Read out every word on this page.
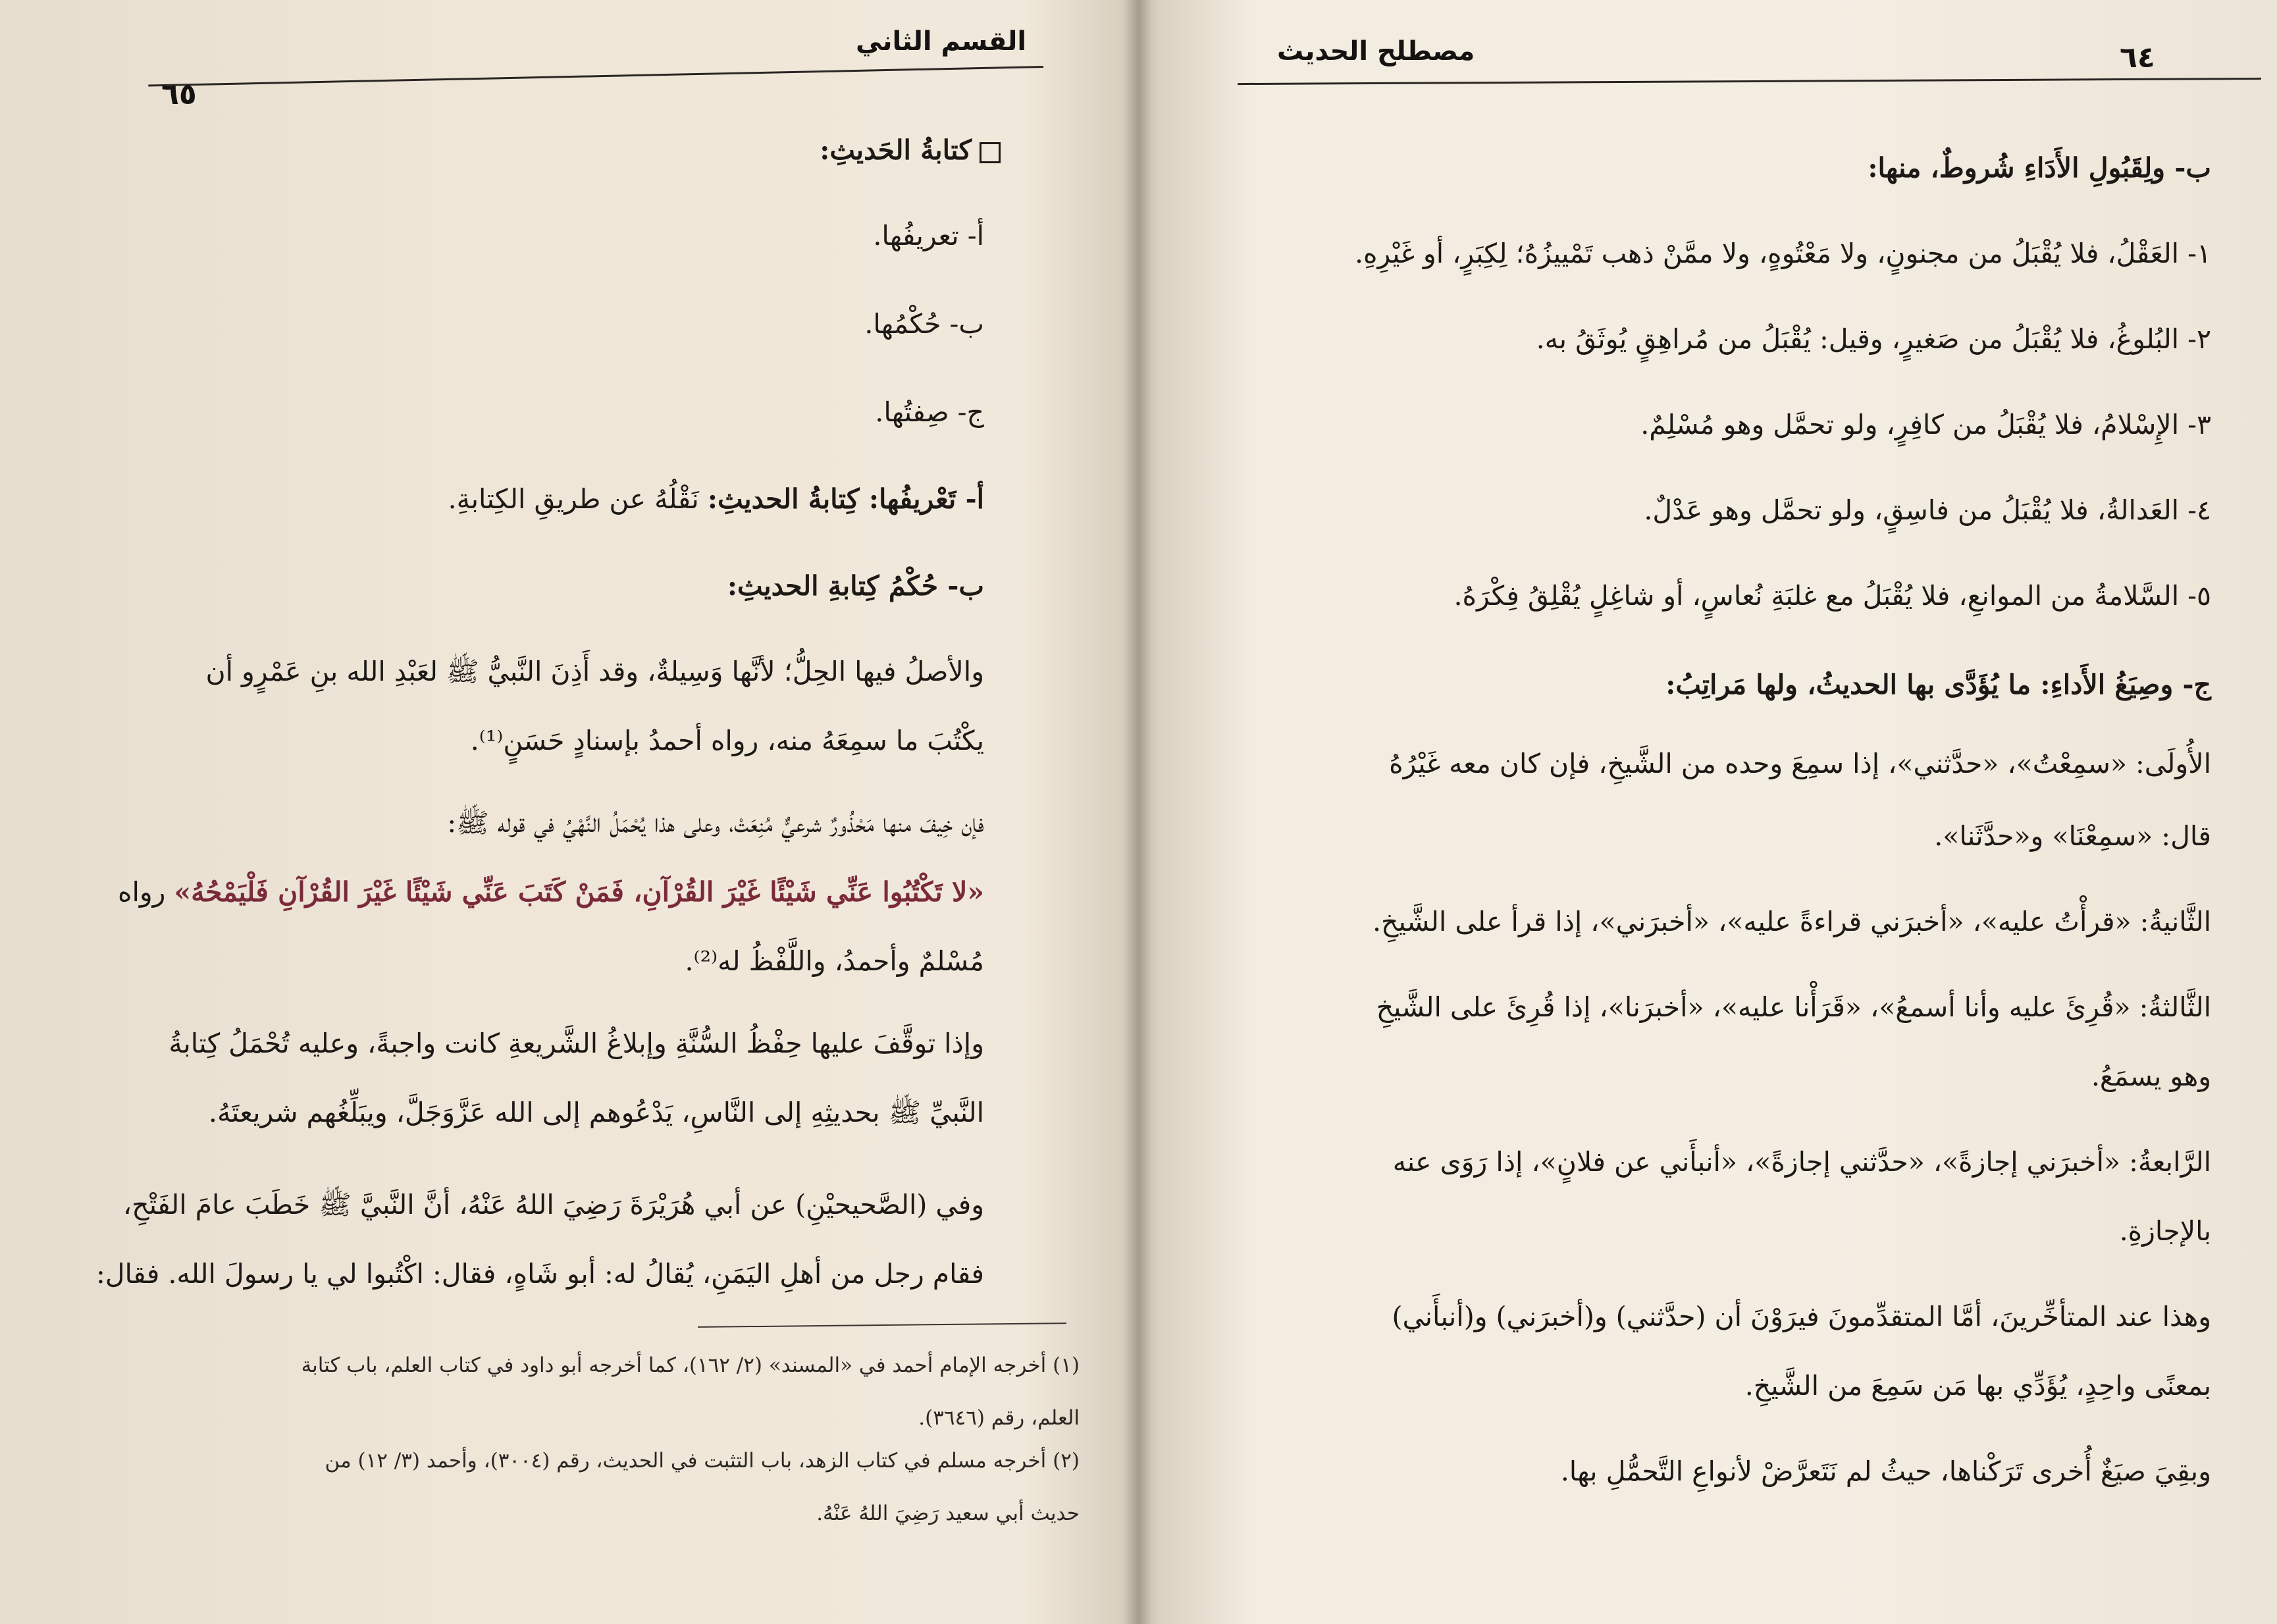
القسم الثاني
٦٥
كتابةُ الحَديثِ:
أ- تعريفُها.
ب- حُكْمُها.
ج- صِفتُها.
أ- تَعْريفُها: كِتابةُ الحديثِ: نَقْلُهُ عن طريقِ الكِتابةِ.
ب- حُكْمُ كِتابةِ الحديثِ:
والأصلُ فيها الحِلُّ؛ لأنَّها وَسِيلةٌ، وقد أَذِنَ النَّبيُّ ﷺ لعَبْدِ الله بنِ عَمْرٍو أن
يكْتُبَ ما سمِعَهُ منه، رواه أحمدُ بإسنادٍ حَسَنٍ⁽¹⁾.
فإن خِيفَ منها مَحْذُورٌ شرعيٌّ مُنِعَتْ، وعلى هذا يُحْمَلُ النَّهْيُ في قوله ﷺ:
«لا تَكْتُبُوا عَنِّي شَيْئًا غَيْرَ القُرْآنِ، فَمَنْ كَتَبَ عَنِّي شَيْئًا غَيْرَ القُرْآنِ فَلْيَمْحُهُ» رواه
مُسْلمٌ وأحمدُ، واللَّفْظُ له⁽²⁾.
وإذا توقَّفَ عليها حِفْظُ السُّنَّةِ وإبلاغُ الشَّريعةِ كانت واجبةً، وعليه تُحْمَلُ كِتابةُ
النَّبيِّ ﷺ بحديثِهِ إلى النَّاسِ، يَدْعُوهم إلى الله عَزَّوَجَلَّ، ويبَلِّغُهم شريعتَهُ.
وفي (الصَّحيحيْنِ) عن أبي هُرَيْرَةَ رَضِيَ اللهُ عَنْهُ، أنَّ النَّبيَّ ﷺ خَطَبَ عامَ الفَتْحِ،
فقام رجل من أهلِ اليَمَنِ، يُقالُ له: أبو شَاهٍ، فقال: اكْتُبوا لي يا رسولَ الله. فقال:
(١) أخرجه الإمام أحمد في «المسند» (٢/ ١٦٢)، كما أخرجه أبو داود في كتاب العلم، باب كتابة
العلم، رقم (٣٦٤٦).
(٢) أخرجه مسلم في كتاب الزهد، باب التثبت في الحديث، رقم (٣٠٠٤)، وأحمد (٣/ ١٢) من
حديث أبي سعيد رَضِيَ اللهُ عَنْهُ.
مصطلح الحديث	٦٤
ب- ولِقَبُولِ الأَدَاءِ شُروطٌ، منها:
١- العَقْلُ، فلا يُقْبَلُ من مجنونٍ، ولا مَعْتُوهٍ، ولا ممَّنْ ذهب تَمْييزُهُ؛ لِكِبَرٍ، أو غَيْرِهِ.
٢- البُلوغُ، فلا يُقْبَلُ من صَغيرٍ، وقيل: يُقْبَلُ من مُراهِقٍ يُوثَقُ به.
٣- الإِسْلامُ، فلا يُقْبَلُ من كافِرٍ، ولو تحمَّل وهو مُسْلِمٌ.
٤- العَدالةُ، فلا يُقْبَلُ من فاسِقٍ، ولو تحمَّل وهو عَدْلٌ.
٥- السَّلامةُ من الموانعِ، فلا يُقْبَلُ مع غلبَةِ نُعاسٍ، أو شاغِلٍ يُقْلِقُ فِكْرَهُ.
ج- وصِيَغُ الأَداءِ: ما يُؤَدَّى بها الحديثُ، ولها مَراتِبُ:
الأُولَى: «سمِعْتُ»، «حدَّثني»، إذا سمِعَ وحده من الشَّيخِ، فإن كان معه غَيْرُهُ
قال: «سمِعْنَا» و«حدَّثَنا».
الثَّانيةُ: «قرأْتُ عليه»، «أخبرَني قراءةً عليه»، «أخبرَني»، إذا قرأ على الشَّيخِ.
الثَّالثةُ: «قُرِئَ عليه وأنا أسمعُ»، «قَرَأْنا عليه»، «أخبرَنا»، إذا قُرِئَ على الشَّيخِ
وهو يسمَعُ.
الرَّابعةُ: «أخبرَني إجازةً»، «حدَّثني إجازةً»، «أنبأَني عن فلانٍ»، إذا رَوَى عنه
بالإجازةِ.
وهذا عند المتأخِّرينَ، أمَّا المتقدِّمونَ فيرَوْنَ أن (حدَّثني) و(أخبرَني) و(أنبأَني)
بمعنًى واحِدٍ، يُؤَدِّي بها مَن سَمِعَ من الشَّيخِ.
وبقِيَ صيَغٌ أُخرى تَرَكْناها، حيثُ لم نَتَعرَّضْ لأنواعِ التَّحمُّلِ بها.
